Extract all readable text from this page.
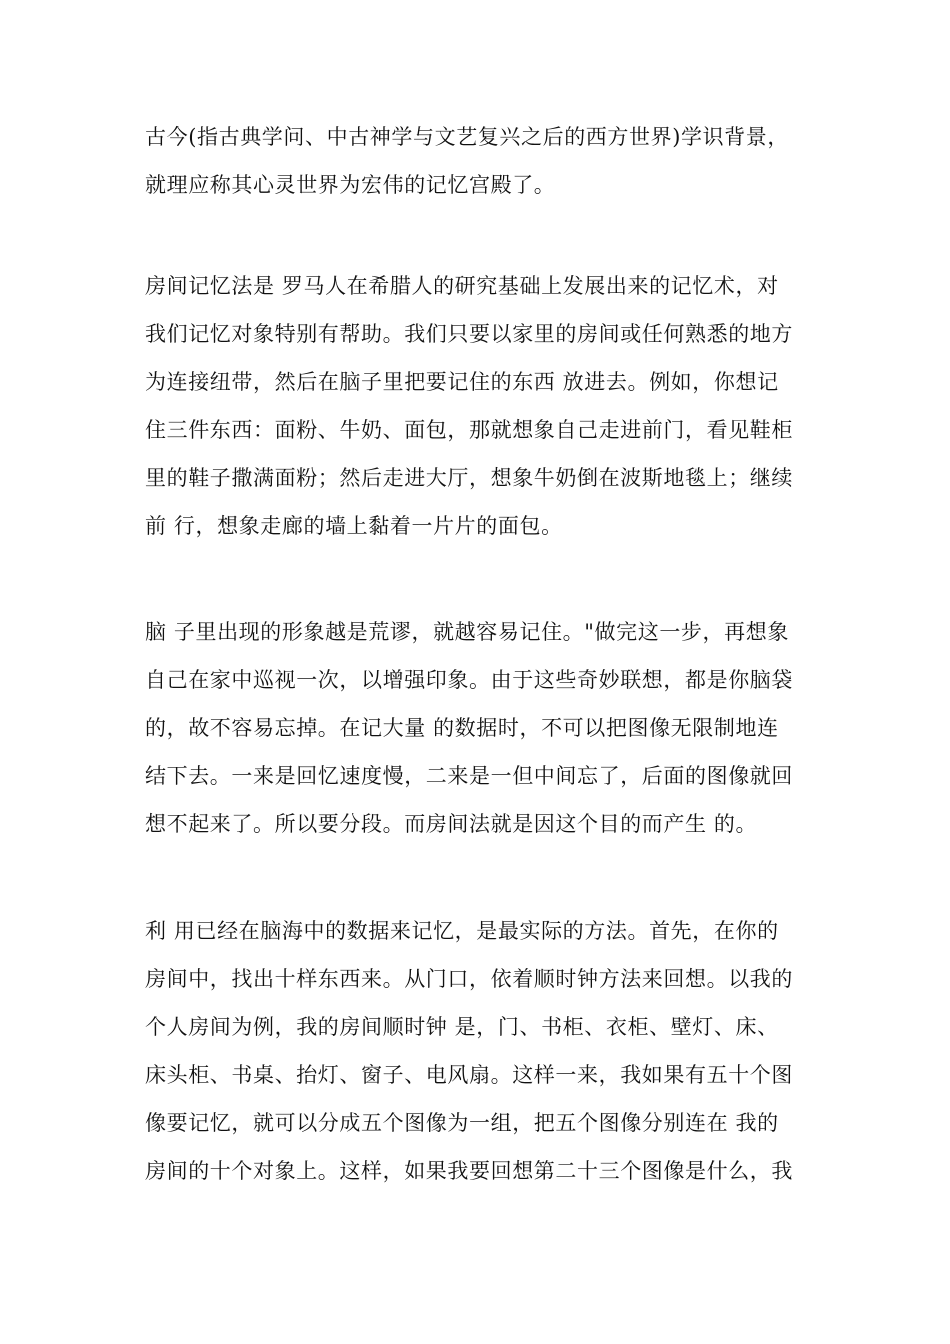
古今(指古典学问、中古神学与文艺复兴之后的西方世界)学识背景，
就理应称其心灵世界为宏伟的记忆宫殿了。
房间记忆法是 罗马人在希腊人的研究基础上发展出来的记忆术，对
我们记忆对象特别有帮助。我们只要以家里的房间或任何熟悉的地方
为连接纽带，然后在脑子里把要记住的东西 放进去。例如，你想记
住三件东西：面粉、牛奶、面包，那就想象自己走进前门，看见鞋柜
里的鞋子撒满面粉；然后走进大厅，想象牛奶倒在波斯地毯上；继续
前 行，想象走廊的墙上黏着一片片的面包。
脑 子里出现的形象越是荒谬，就越容易记住。"做完这一步，再想象
自己在家中巡视一次，以增强印象。由于这些奇妙联想，都是你脑袋
的，故不容易忘掉。在记大量 的数据时，不可以把图像无限制地连
结下去。一来是回忆速度慢，二来是一但中间忘了，后面的图像就回
想不起来了。所以要分段。而房间法就是因这个目的而产生 的。
利 用已经在脑海中的数据来记忆，是最实际的方法。首先，在你的
房间中，找出十样东西来。从门口，依着顺时钟方法来回想。以我的
个人房间为例，我的房间顺时钟 是，门、书柜、衣柜、壁灯、床、
床头柜、书桌、抬灯、窗子、电风扇。这样一来，我如果有五十个图
像要记忆，就可以分成五个图像为一组，把五个图像分别连在 我的
房间的十个对象上。这样，如果我要回想第二十三个图像是什么，我
